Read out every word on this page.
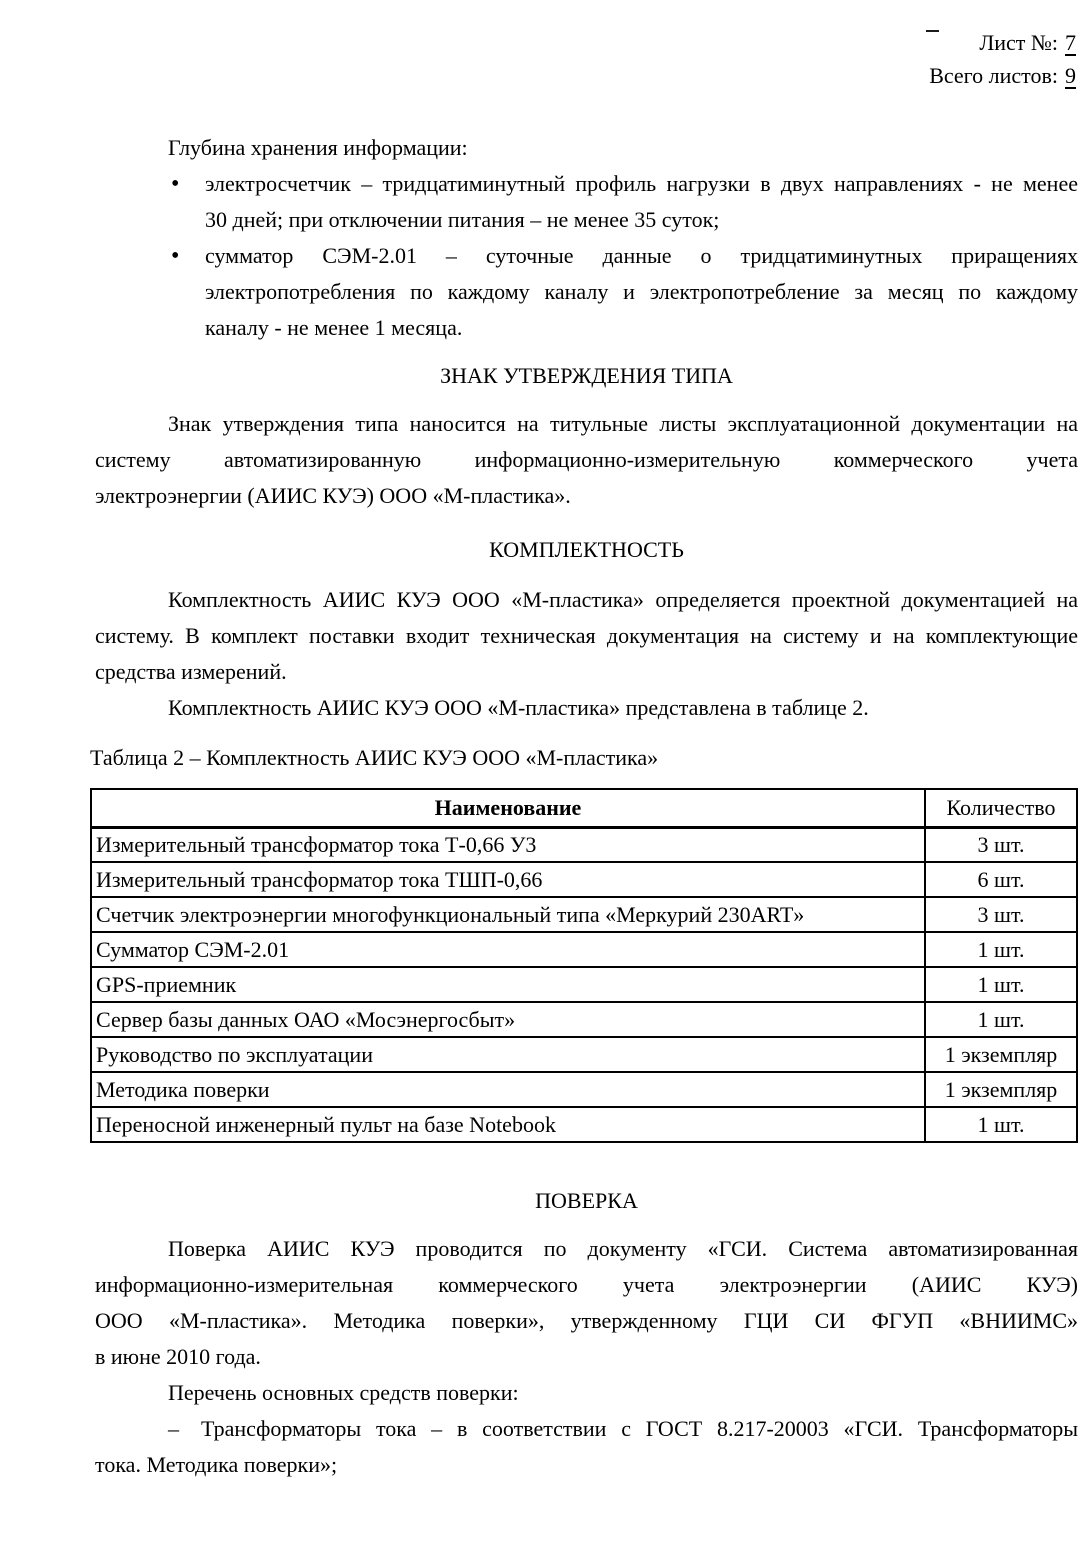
Лист №: 7
Всего листов: 9
Глубина хранения информации:
• электросчетчик – тридцатиминутный профиль нагрузки в двух направлениях - не менее
30 дней; при отключении питания – не менее 35 суток;
• сумматор СЭМ-2.01 – суточные данные о тридцатиминутных приращениях
электропотребления по каждому каналу и электропотребление за месяц по каждому
каналу - не менее 1 месяца.
ЗНАК УТВЕРЖДЕНИЯ ТИПА
Знак утверждения типа наносится на титульные листы эксплуатационной документации на
систему автоматизированную информационно-измерительную коммерческого учета
электроэнергии (АИИС КУЭ) ООО «М-пластика».
КОМПЛЕКТНОСТЬ
Комплектность АИИС КУЭ ООО «М-пластика» определяется проектной документацией на
систему. В комплект поставки входит техническая документация на систему и на комплектующие
средства измерений.
Комплектность АИИС КУЭ ООО «М-пластика» представлена в таблице 2.
Таблица 2 – Комплектность АИИС КУЭ ООО «М-пластика»
Наименование	Количество
Измерительный трансформатор тока Т-0,66 У3	3 шт.
Измерительный трансформатор тока ТШП-0,66	6 шт.
Счетчик электроэнергии многофункциональный типа «Меркурий 230ART»	3 шт.
Сумматор СЭМ-2.01	1 шт.
GPS-приемник	1 шт.
Сервер базы данных ОАО «Мосэнергосбыт»	1 шт.
Руководство по эксплуатации	1 экземпляр
Методика поверки	1 экземпляр
Переносной инженерный пульт на базе Notebook	1 шт.
ПОВЕРКА
Поверка АИИС КУЭ проводится по документу «ГСИ. Система автоматизированная
информационно-измерительная коммерческого учета электроэнергии (АИИС КУЭ)
ООО «М-пластика». Методика поверки», утвержденному ГЦИ СИ ФГУП «ВНИИМС»
в июне 2010 года.
Перечень основных средств поверки:
– Трансформаторы тока – в соответствии с ГОСТ 8.217-20003 «ГСИ. Трансформаторы
тока. Методика поверки»;
